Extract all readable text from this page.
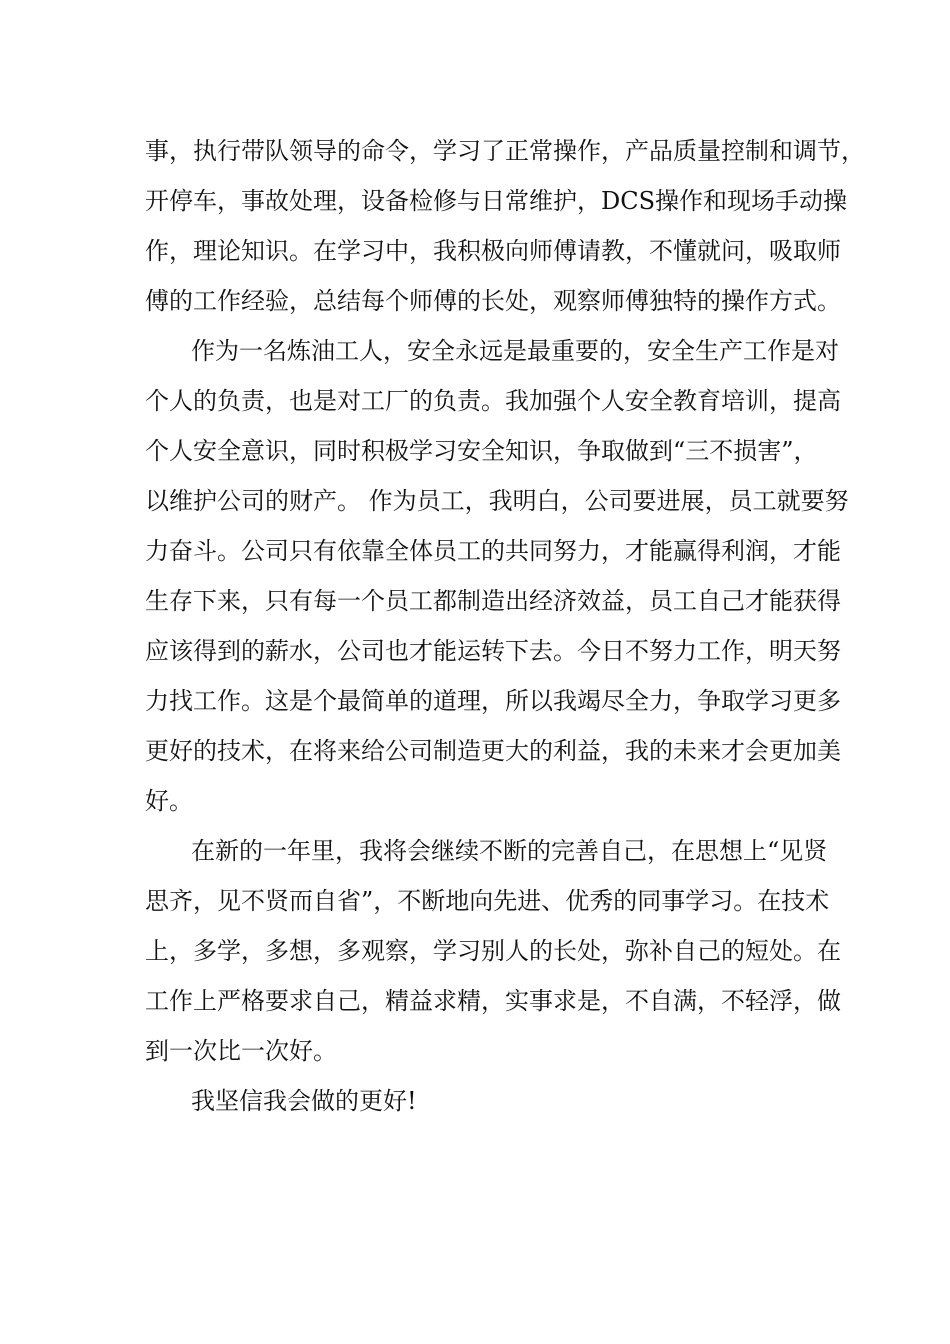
事，执行带队领导的命令，学习了正常操作，产品质量控制和调节，
开停车，事故处理，设备检修与日常维护，DCS操作和现场手动操
作，理论知识。在学习中，我积极向师傅请教，不懂就问，吸取师
傅的工作经验，总结每个师傅的长处，观察师傅独特的操作方式。
作为一名炼油工人，安全永远是最重要的，安全生产工作是对
个人的负责，也是对工厂的负责。我加强个人安全教育培训，提高
个人安全意识，同时积极学习安全知识，争取做到“三不损害”，
以维护公司的财产。 作为员工，我明白，公司要进展，员工就要努
力奋斗。公司只有依靠全体员工的共同努力，才能赢得利润，才能
生存下来，只有每一个员工都制造出经济效益，员工自己才能获得
应该得到的薪水，公司也才能运转下去。今日不努力工作，明天努
力找工作。这是个最简单的道理，所以我竭尽全力，争取学习更多
更好的技术，在将来给公司制造更大的利益，我的未来才会更加美
好。
在新的一年里，我将会继续不断的完善自己，在思想上“见贤
思齐，见不贤而自省”，不断地向先进、优秀的同事学习。在技术
上，多学，多想，多观察，学习别人的长处，弥补自己的短处。在
工作上严格要求自己，精益求精，实事求是，不自满，不轻浮，做
到一次比一次好。
我坚信我会做的更好!
